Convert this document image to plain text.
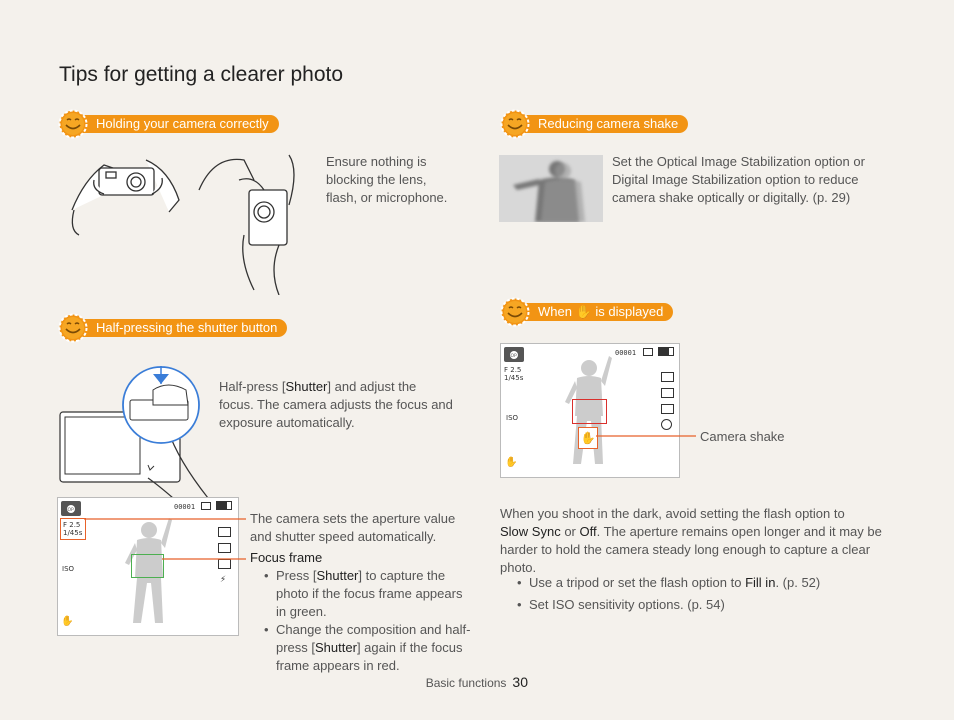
Tips for getting a clearer photo
Holding your camera correctly
Ensure nothing is blocking the lens, flash, or microphone.
Reducing camera shake
Set the Optical Image Stabilization option or Digital Image Stabilization option to reduce camera shake optically or digitally. (p. 29)
Half-pressing the shutter button
Half-press [Shutter] and adjust the focus. The camera adjusts the focus and exposure automatically.
OP	00001
F 2.5
1/45s
ISO
⚡
✋
The camera sets the aperture value and shutter speed automatically.
Focus frame
• Press [Shutter] to capture the photo if the focus frame appears in green.
• Change the composition and half-press [Shutter] again if the focus frame appears in red.
When ✋ is displayed
OP	00001
F 2.5
1/45s
ISO
✋
✋	Camera shake
When you shoot in the dark, avoid setting the flash option to
Slow Sync or Off. The aperture remains open longer and it may be harder to hold the camera steady long enough to capture a clear photo.
• Use a tripod or set the flash option to Fill in. (p. 52)
• Set ISO sensitivity options. (p. 54)
Basic functions 30
